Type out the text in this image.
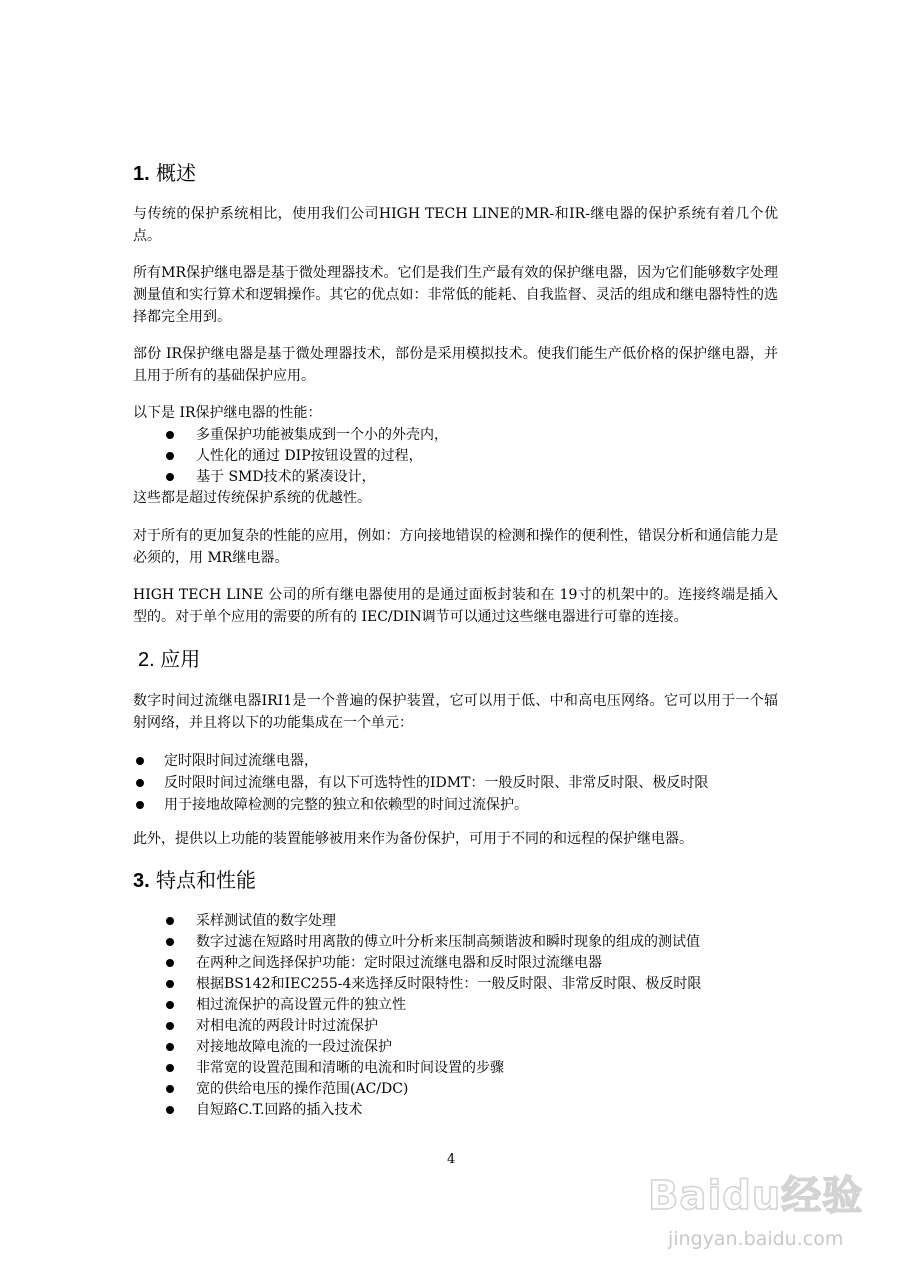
1. 概述
与传统的保护系统相比，使用我们公司HIGH TECH LINE的MR-和IR-继电器的保护系统有着几个优点。
所有MR保护继电器是基于微处理器技术。它们是我们生产最有效的保护继电器，因为它们能够数字处理测量值和实行算术和逻辑操作。其它的优点如：非常低的能耗、自我监督、灵活的组成和继电器特性的选择都完全用到。
部份 IR保护继电器是基于微处理器技术，部份是采用模拟技术。使我们能生产低价格的保护继电器，并且用于所有的基础保护应用。
以下是 IR保护继电器的性能：
多重保护功能被集成到一个小的外壳内，
人性化的通过 DIP按钮设置的过程，
基于 SMD技术的紧凑设计，
这些都是超过传统保护系统的优越性。
对于所有的更加复杂的性能的应用，例如：方向接地错误的检测和操作的便利性，错误分析和通信能力是必须的，用 MR继电器。
HIGH TECH LINE 公司的所有继电器使用的是通过面板封装和在 19寸的机架中的。连接终端是插入型的。对于单个应用的需要的所有的 IEC/DIN调节可以通过这些继电器进行可靠的连接。
2. 应用
数字时间过流继电器IRI1是一个普遍的保护装置，它可以用于低、中和高电压网络。它可以用于一个辐射网络，并且将以下的功能集成在一个单元：
定时限时间过流继电器，
反时限时间过流继电器，有以下可选特性的IDMT：一般反时限、非常反时限、极反时限
用于接地故障检测的完整的独立和依赖型的时间过流保护。
此外，提供以上功能的装置能够被用来作为备份保护，可用于不同的和远程的保护继电器。
3. 特点和性能
采样测试值的数字处理
数字过滤在短路时用离散的傅立叶分析来压制高频谐波和瞬时现象的组成的测试值
在两种之间选择保护功能：定时限过流继电器和反时限过流继电器
根据BS142和IEC255-4来选择反时限特性：一般反时限、非常反时限、极反时限
相过流保护的高设置元件的独立性
对相电流的两段计时过流保护
对接地故障电流的一段过流保护
非常宽的设置范围和清晰的电流和时间设置的步骤
宽的供给电压的操作范围(AC/DC)
自短路C.T.回路的插入技术
4
Baidu经验
jingyan.baidu.com
